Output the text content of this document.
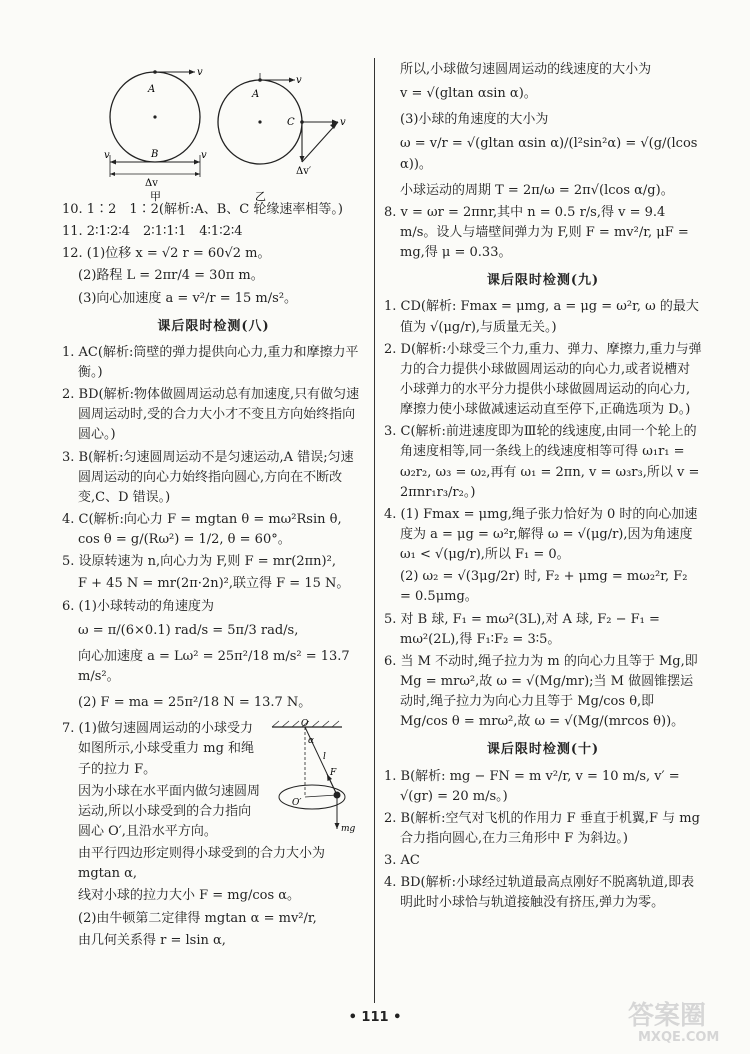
A
v
B
v	v
Δv
甲
A
v
C	v
Δv′
乙

10. 1∶2　1∶2(解析:A、B、C 轮缘速率相等。)

11. 2∶1∶2∶4　2∶1∶1∶1　4∶1∶2∶4

12. (1)位移 x = √2 r = 60√2 m。

(2)路程 L = 2πr/4 = 30π m。

(3)向心加速度 a = v²/r = 15 m/s²。

课后限时检测(八)

1. AC(解析:筒壁的弹力提供向心力,重力和摩擦力平衡。)

2. BD(解析:物体做圆周运动总有加速度,只有做匀速圆周运动时,受的合力大小才不变且方向始终指向圆心。)

3. B(解析:匀速圆周运动不是匀速运动,A 错误;匀速圆周运动的向心力始终指向圆心,方向在不断改变,C、D 错误。)

4. C(解析:向心力 F = mgtan θ = mω²Rsin θ, cos θ = g/(Rω²) = 1/2, θ = 60°。

5. 设原转速为 n,向心力为 F,则 F = mr(2πn)²,

F + 45 N = mr(2π·2n)²,联立得 F = 15 N。

6. (1)小球转动的角速度为

ω = π/(6×0.1) rad/s = 5π/3 rad/s,

向心加速度 a = Lω² = 25π²/18 m/s² = 13.7 m/s²。

(2) F = ma = 25π²/18 N = 13.7 N。

O
O′
l
F
mg
α

7. (1)做匀速圆周运动的小球受力如图所示,小球受重力 mg 和绳子的拉力 F。

因为小球在水平面内做匀速圆周运动,所以小球受到的合力指向圆心 O′,且沿水平方向。

由平行四边形定则得小球受到的合力大小为 mgtan α,

线对小球的拉力大小 F = mg/cos α。

(2)由牛顿第二定律得 mgtan α = mv²/r,

由几何关系得 r = lsin α,

所以,小球做匀速圆周运动的线速度的大小为

v = √(gltan αsin α)。

(3)小球的角速度的大小为

ω = v/r = √(gltan αsin α)/(l²sin²α) = √(g/(lcos α))。

小球运动的周期 T = 2π/ω = 2π√(lcos α/g)。

8. v = ωr = 2πnr,其中 n = 0.5 r/s,得 v = 9.4 m/s。设人与墙壁间弹力为 F,则 F = mv²/r, μF = mg,得 μ = 0.33。

课后限时检测(九)

1. CD(解析: Fmax = μmg, a = μg = ω²r, ω 的最大值为 √(μg/r),与质量无关。)

2. D(解析:小球受三个力,重力、弹力、摩擦力,重力与弹力的合力提供小球做圆周运动的向心力,或者说槽对小球弹力的水平分力提供小球做圆周运动的向心力,摩擦力使小球做减速运动直至停下,正确选项为 D。)

3. C(解析:前进速度即为Ⅲ轮的线速度,由同一个轮上的角速度相等,同一条线上的线速度相等可得 ω₁r₁ = ω₂r₂, ω₃ = ω₂,再有 ω₁ = 2πn, v = ω₃r₃,所以 v = 2πnr₁r₃/r₂。)

4. (1) Fmax = μmg,绳子张力恰好为 0 时的向心加速度为 a = μg = ω²r,解得 ω = √(μg/r),因为角速度 ω₁ < √(μg/r),所以 F₁ = 0。

(2) ω₂ = √(3μg/2r) 时, F₂ + μmg = mω₂²r, F₂ = 0.5μmg。

5. 对 B 球, F₁ = mω²(3L),对 A 球, F₂ − F₁ = mω²(2L),得 F₁∶F₂ = 3∶5。

6. 当 M 不动时,绳子拉力为 m 的向心力且等于 Mg,即 Mg = mrω²,故 ω = √(Mg/mr);当 M 做圆锥摆运动时,绳子拉力为向心力且等于 Mg/cos θ,即 Mg/cos θ = mrω²,故 ω = √(Mg/(mrcos θ))。

课后限时检测(十)

1. B(解析: mg − FN = m v²/r, v = 10 m/s, v′ = √(gr) = 20 m/s。)

2. B(解析:空气对飞机的作用力 F 垂直于机翼,F 与 mg 合力指向圆心,在力三角形中 F 为斜边。)

3. AC

4. BD(解析:小球经过轨道最高点刚好不脱离轨道,即表明此时小球恰与轨道接触没有挤压,弹力为零。

• 111 •	答案圈
MXQE.COM
